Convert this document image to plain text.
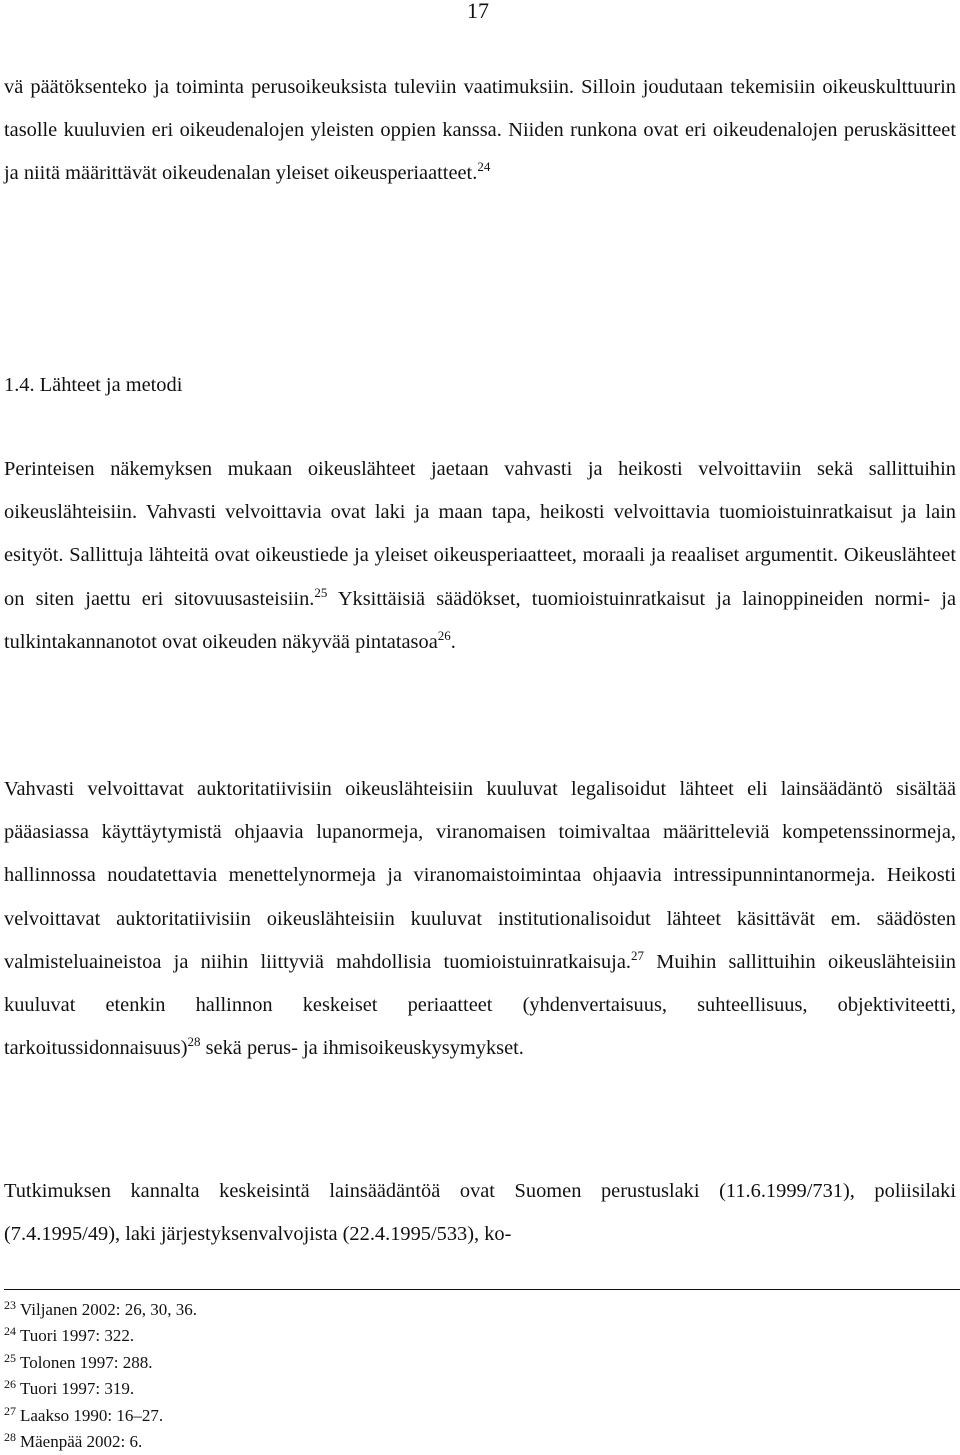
17

vä päätöksenteko ja toiminta perusoikeuksista tuleviin vaatimuksiin. Silloin joudutaan tekemisiin oikeuskulttuurin tasolle kuuluvien eri oikeudenalojen yleisten oppien kanssa. Niiden runkona ovat eri oikeudenalojen peruskäsitteet ja niitä määrittävät oikeudenalan yleiset oikeusperiaatteet.$^{24}$

1.4. Lähteet ja metodi

Perinteisen näkemyksen mukaan oikeuslähteet jaetaan vahvasti ja heikosti velvoittaviin sekä sallittuihin oikeuslähteisiin. Vahvasti velvoittavia ovat laki ja maan tapa, heikosti velvoittavia tuomioistuinratkaisut ja lain esityöt. Sallittuja lähteitä ovat oikeustiede ja yleiset oikeusperiaatteet, moraali ja reaaliset argumentit. Oikeuslähteet on siten jaettu eri sitovuusasteisiin.$^{25}$ Yksittäisiä säädökset, tuomioistuinratkaisut ja lainoppineiden normi- ja tulkintakannanotot ovat oikeuden näkyvää pintatasoa$^{26}$.

Vahvasti velvoittavat auktoritatiivisiin oikeuslähteisiin kuuluvat legalisoidut lähteet eli lainsäädäntö sisältää pääasiassa käyttäytymistä ohjaavia lupanormeja, viranomaisen toimivaltaa määritteleviä kompetenssinormeja, hallinnossa noudatettavia menettelynormeja ja viranomaistoimintaa ohjaavia intressipunnintanormeja. Heikosti velvoittavat auktoritatiivisiin oikeuslähteisiin kuuluvat institutionalisoidut lähteet käsittävät em. säädösten valmisteluaineistoa ja niihin liittyviä mahdollisia tuomioistuinratkaisuja.$^{27}$ Muihin sallittuihin oikeuslähteisiin kuuluvat etenkin hallinnon keskeiset periaatteet (yhdenvertaisuus, suhteellisuus, objektiviteetti, tarkoitussidonnaisuus)$^{28}$ sekä perus- ja ihmisoikeuskysymykset.

Tutkimuksen kannalta keskeisintä lainsäädäntöä ovat Suomen perustuslaki (11.6.1999/731), poliisilaki (7.4.1995/49), laki järjestyksenvalvojista (22.4.1995/533), ko-

$^{23}$ Viljanen 2002: 26, 30, 36.
$^{24}$ Tuori 1997: 322.
$^{25}$ Tolonen 1997: 288.
$^{26}$ Tuori 1997: 319.
$^{27}$ Laakso 1990: 16–27.
$^{28}$ Mäenpää 2002: 6.
